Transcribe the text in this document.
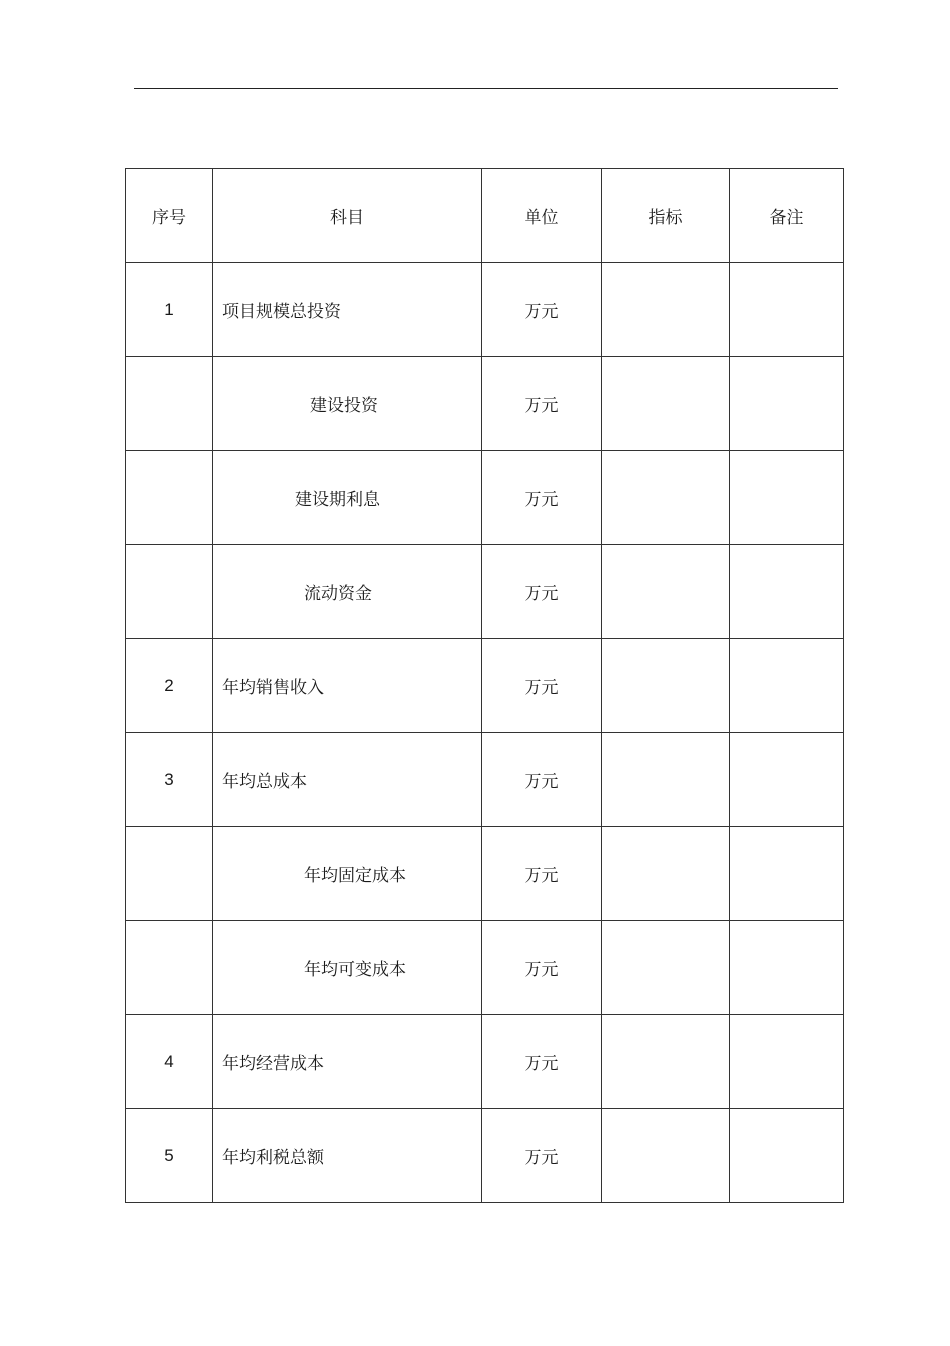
序号	科目	单位	指标	备注
1	项目规模总投资	万元		
	建设投资	万元		
	建设期利息	万元		
	流动资金	万元		
2	年均销售收入	万元		
3	年均总成本	万元		
	年均固定成本	万元		
	年均可变成本	万元		
4	年均经营成本	万元		
5	年均利税总额	万元		
